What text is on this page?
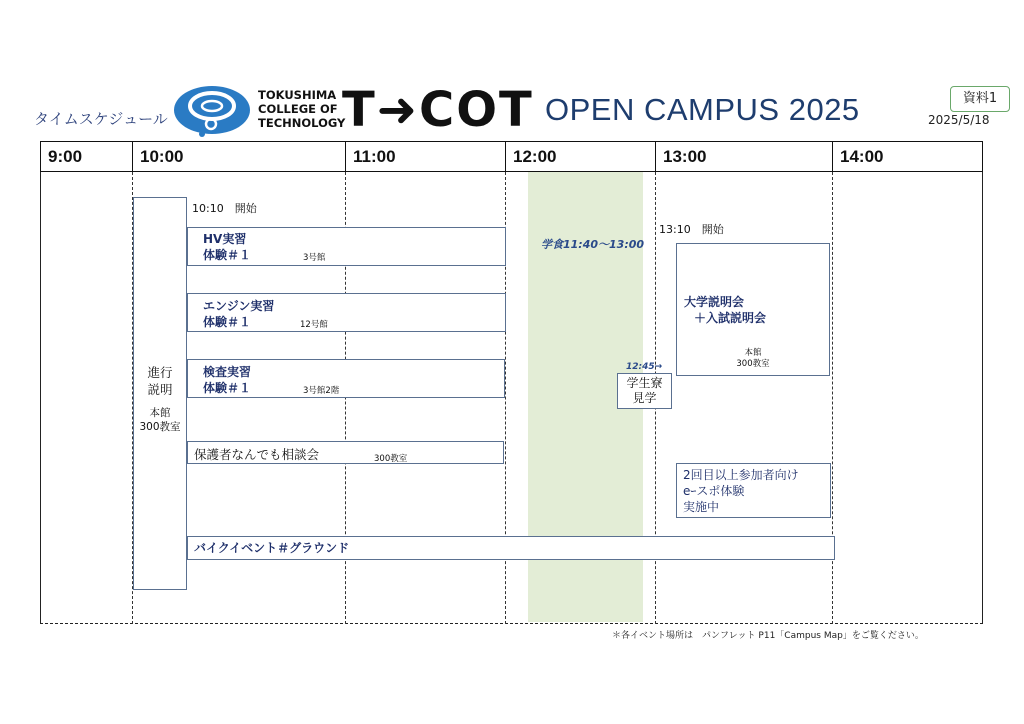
タイムスケジュール
TOKUSHIMA
COLLEGE OF
TECHNOLOGY
T➜COT OPEN CAMPUS 2025	資料1
2025/5/18
9:00	10:00	11:00	12:00	13:00	14:00
進行
説明
本館
300教室
10:10　開始
HV実習
体験＃１	3号館
エンジン実習
体験＃１	12号館
検査実習
体験＃１	3号館2階
保護者なんでも相談会	300教室
バイクイベント＃グラウンド
学食11:40～13:00
13:10　開始
大学説明会
＋入試説明会
本館
300教室
12:45→
学生寮
見学
2回目以上参加者向け
eｰスポ体験
実施中
＊各イベント場所は　パンフレット P11「Campus Map」をご覧ください。
